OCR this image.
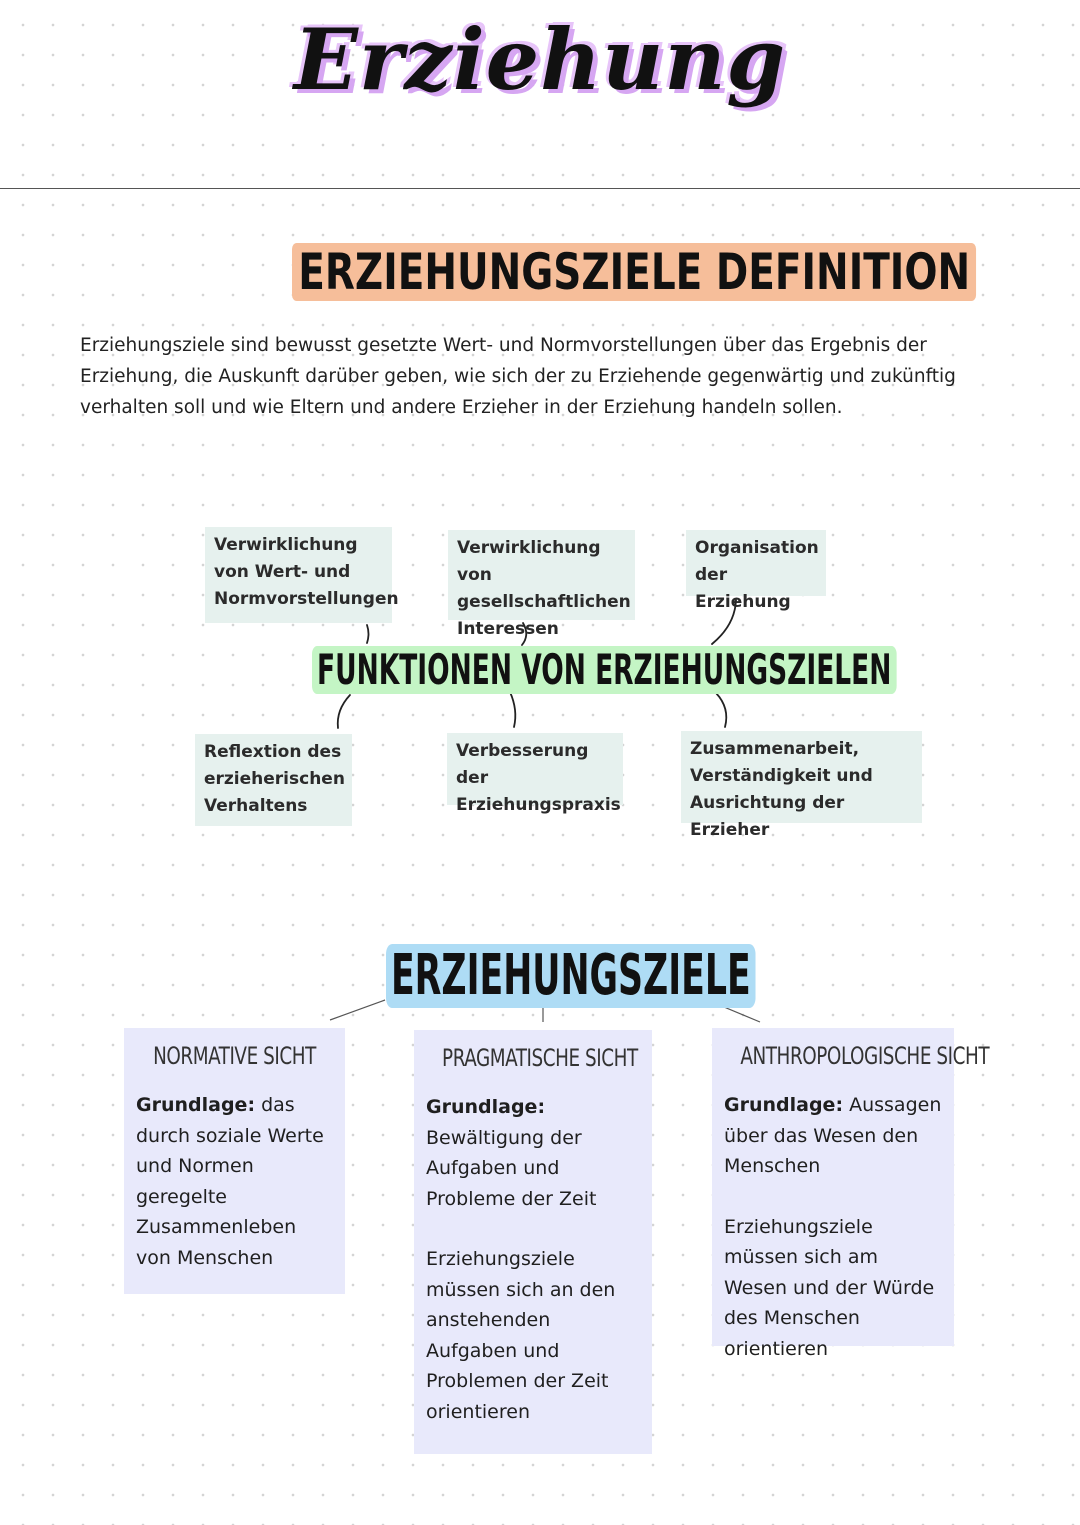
Erziehung
ERZIEHUNGSZIELE DEFINITION
Erziehungsziele sind bewusst gesetzte Wert- und Normvorstellungen über das Ergebnis der Erziehung, die Auskunft darüber geben, wie sich der zu Erziehende gegenwärtig und zukünftig verhalten soll und wie Eltern und andere Erzieher in der Erziehung handeln sollen.
Verwirklichung von Wert- und Normvorstellungen
Verwirklichung von gesellschaftlichen Interessen
Organisation der Erziehung
FUNKTIONEN VON ERZIEHUNGSZIELEN
Reflextion des erzieherischen Verhaltens
Verbesserung der Erziehungspraxis
Zusammenarbeit, Verständigkeit und Ausrichtung der Erzieher
ERZIEHUNGSZIELE
NORMATIVE SICHT
Grundlage: das durch soziale Werte und Normen geregelte Zusammenleben von Menschen
PRAGMATISCHE SICHT
Grundlage:
Bewältigung der Aufgaben und Probleme der Zeit
Erziehungsziele müssen sich an den anstehenden Aufgaben und Problemen der Zeit orientieren
ANTHROPOLOGISCHE SICHT
Grundlage: Aussagen über das Wesen den Menschen
Erziehungsziele müssen sich am Wesen und der Würde des Menschen orientieren
